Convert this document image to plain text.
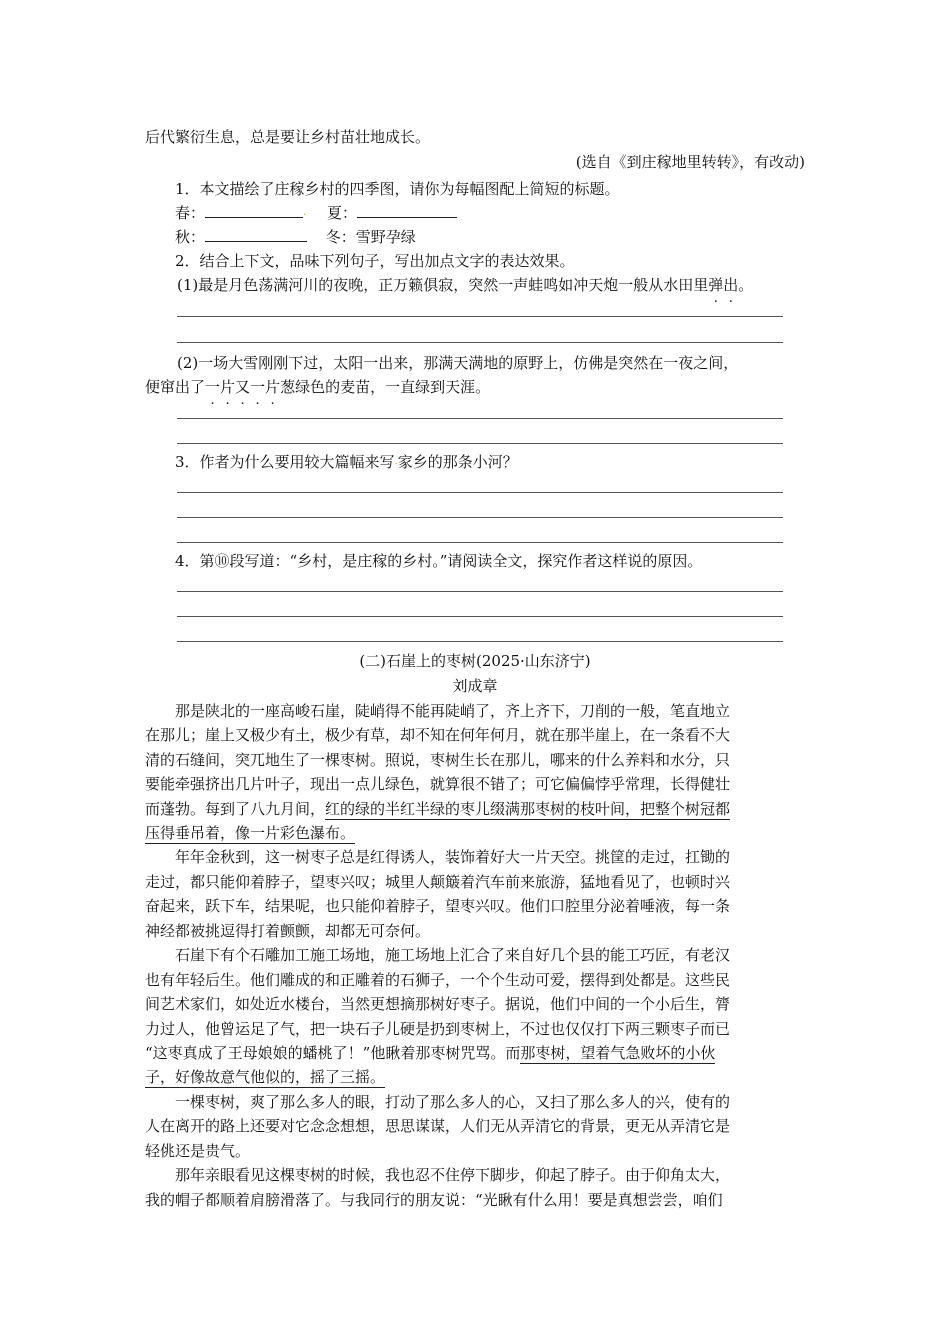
后代繁衍生息，总是要让乡村苗壮地成长。
(选自《到庄稼地里转转》，有改动)
1．本文描绘了庄稼乡村的四季图，请你为每幅图配上简短的标题。
春：	. 夏：
秋：	冬：雪野孕绿
2．结合上下文，品味下列句子，写出加点文字的表达效果。
(1)最是月色荡满河川的夜晚，正万籁俱寂，突然一声蛙鸣如冲天炮一般从水田里弹出。
(2)一场大雪刚刚下过，太阳一出来，那满天满地的原野上，仿佛是突然在一夜之间，
便窜出了一片又一片葱绿色的麦苗，一直绿到天涯。
3．作者为什么要用较大篇幅来写.家乡的那条小河？
4．第⑩段写道：“乡村，是庄稼的乡村。”请阅读全文，探究作者这样说的原因。
(二)石崖上的枣树(2025·山东济宁)
刘成章
那是陕北的一座高峻石崖，陡峭得不能再陡峭了，齐上齐下，刀削的一般，笔直地立
在那儿；崖上又极少有土，极少有草，却不知在何年何月，就在那半崖上，在一条看不大
清的石缝间，突兀地生了一棵枣树。照说，枣树生长在那儿，哪来的什么养料和水分，只
要能牵强挤出几片叶子，现出一点儿绿色，就算很不错了；可它偏偏悖乎常理，长得健壮
而蓬勃。每到了八九月间，红的绿的半红半绿的枣儿缀满那枣树的枝叶间，把整个树冠都
压得垂吊着，像一片彩色瀑布。
年年金秋到，这一树枣子总是红得诱人，装饰着好大一片天空。挑筐的走过，扛锄的
走过，都只能仰着脖子，望枣兴叹；城里人颠簸着汽车前来旅游，猛地看见了，也顿时兴
奋起来，跃下车，结果呢，也只能仰着脖子，望枣兴叹。他们口腔里分泌着唾液，每一条
神经都被挑逗得打着颤颤，却都无可奈何。
石崖下有个石雕加工施工场地，施工场地上汇合了来自好几个县的能工巧匠，有老汉
也有年轻后生。他们雕成的和正雕着的石狮子，一个个生动可爱，摆得到处都是。这些民
间艺术家们，如处近水楼台，当然更想摘那树好枣子。据说，他们中间的一个小后生，膂
力过人，他曾运足了气，把一块石子儿硬是扔到枣树上，不过也仅仅打下两三颗枣子而已
“这枣真成了王母娘娘的蟠桃了！”他瞅着那枣树咒骂。而那枣树，望着气急败坏的小伙
子，好像故意气他似的，摇了三摇。
一棵枣树，爽了那么多人的眼，打动了那么多人的心，又扫了那么多人的兴，使有的
人在离开的路上还要对它念念想想，思思谋谋，人们无从弄清它的背景，更无从弄清它是
轻佻还是贵气。
那年亲眼看见这棵枣树的时候，我也忍不住停下脚步，仰起了脖子。由于仰角太大，
我的帽子都顺着肩膀滑落了。与我同行的朋友说：“光瞅有什么用！要是真想尝尝，咱们
